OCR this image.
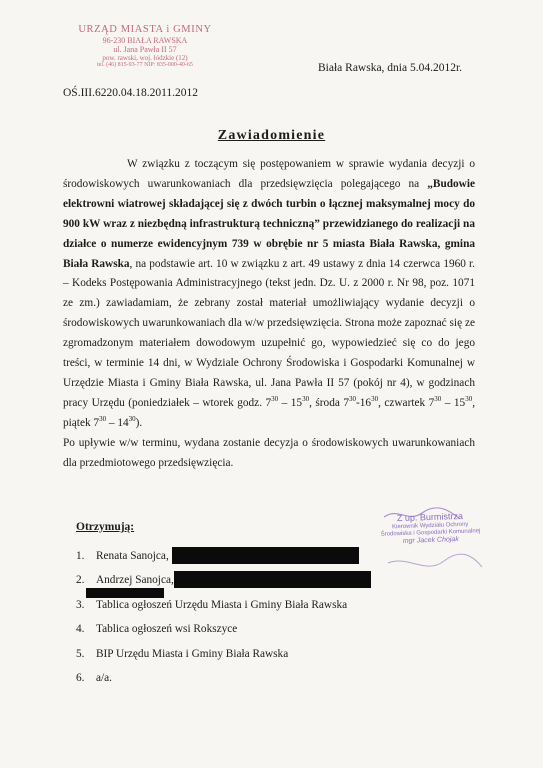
URZĄD MIASTA i GMINY
96-230 BIAŁA RAWSKA
ul. Jana Pawła II 57
pow. rawski, woj. łódzkie (12)
tel. (46) 815-93-77 NIP: 835-000-40-65	Biała Rawska, dnia 5.04.2012r.
OŚ.III.6220.04.18.2011.2012
Zawiadomienie

W związku z toczącym się postępowaniem w sprawie wydania decyzji o środowiskowych uwarunkowaniach dla przedsięwzięcia polegającego na „Budowie elektrowni wiatrowej składającej się z dwóch turbin o łącznej maksymalnej mocy do 900 kW wraz z niezbędną infrastrukturą techniczną” przewidzianego do realizacji na działce o numerze ewidencyjnym 739 w obrębie nr 5 miasta Biała Rawska, gmina Biała Rawska, na podstawie art. 10 w związku z art. 49 ustawy z dnia 14 czerwca 1960 r. – Kodeks Postępowania Administracyjnego (tekst jedn. Dz. U. z 2000 r. Nr 98, poz. 1071 ze zm.) zawiadamiam, że zebrany został materiał umożliwiający wydanie decyzji o środowiskowych uwarunkowaniach dla w/w przedsięwzięcia. Strona może zapoznać się ze zgromadzonym materiałem dowodowym uzupełnić go, wypowiedzieć się co do jego treści, w terminie 14 dni, w Wydziale Ochrony Środowiska i Gospodarki Komunalnej w Urzędzie Miasta i Gminy Biała Rawska, ul. Jana Pawła II 57 (pokój nr 4), w godzinach pracy Urzędu (poniedziałek – wtorek godz. $7^{30} - 15^{30}$, środa $7^{30}-16^{30}$, czwartek $7^{30} - 15^{30}$, piątek $7^{30} - 14^{30}$).

Po upływie w/w terminu, wydana zostanie decyzja o środowiskowych uwarunkowaniach dla przedmiotowego przedsięwzięcia.

Otrzymują:
1. Renata Sanojca,
2. Andrzej Sanojca,
3. Tablica ogłoszeń Urzędu Miasta i Gminy Biała Rawska
4. Tablica ogłoszeń wsi Rokszyce
5. BIP Urzędu Miasta i Gminy Biała Rawska
6. a/a.
Z up. Burmistrza
Kierownik Wydziału Ochrony Środowiska i Gospodarki Komunalnej
mgr Jacek Chojak
